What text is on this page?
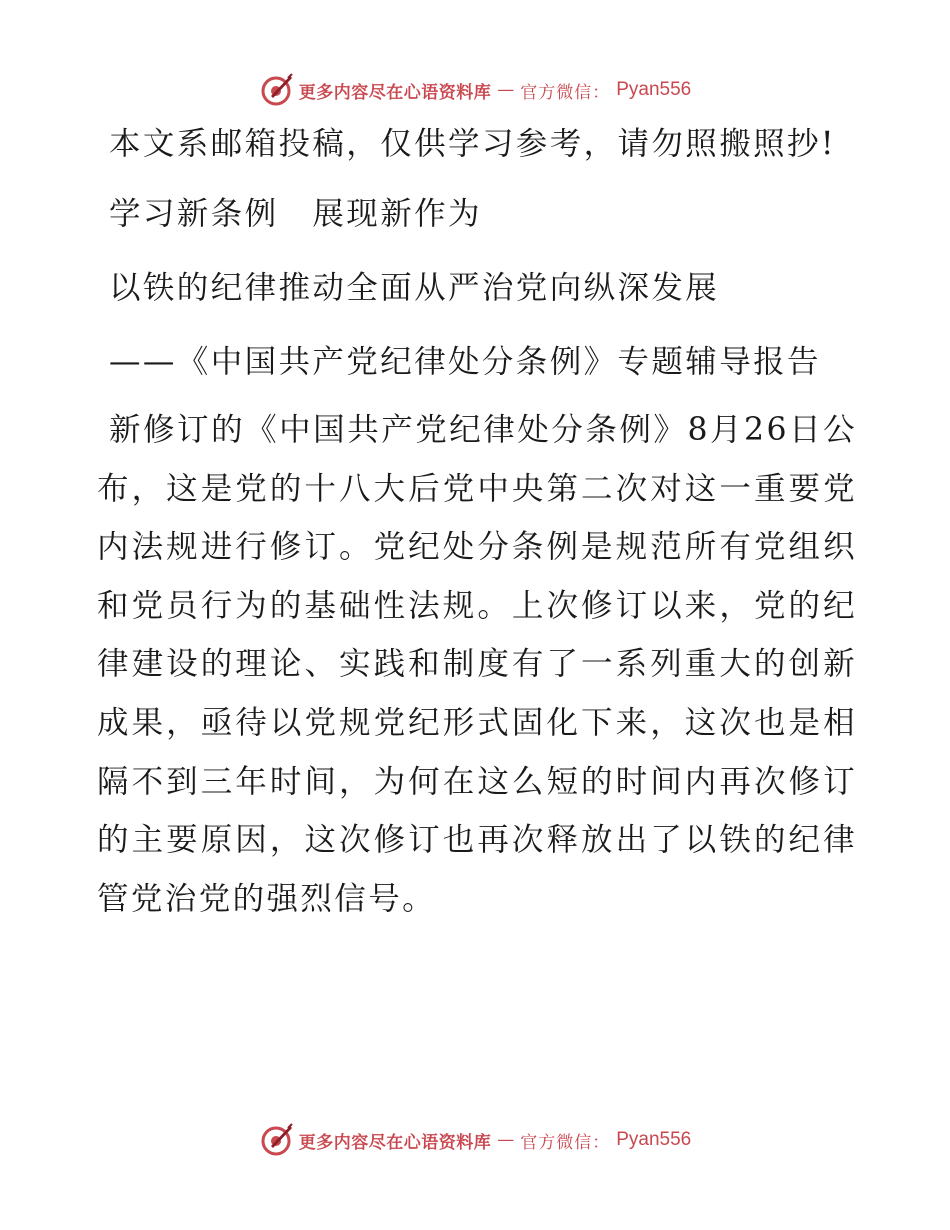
更多内容尽在心语资料库 — 官方微信： Pyan556

本文系邮箱投稿，仅供学习参考，请勿照搬照抄!

学习新条例　展现新作为

以铁的纪律推动全面从严治党向纵深发展

——《中国共产党纪律处分条例》专题辅导报告

新修订的《中国共产党纪律处分条例》8月26日公布，这是党的十八大后党中央第二次对这一重要党内法规进行修订。党纪处分条例是规范所有党组织和党员行为的基础性法规。上次修订以来，党的纪律建设的理论、实践和制度有了一系列重大的创新成果，亟待以党规党纪形式固化下来，这次也是相隔不到三年时间，为何在这么短的时间内再次修订的主要原因，这次修订也再次释放出了以铁的纪律管党治党的强烈信号。

更多内容尽在心语资料库 — 官方微信： Pyan556
